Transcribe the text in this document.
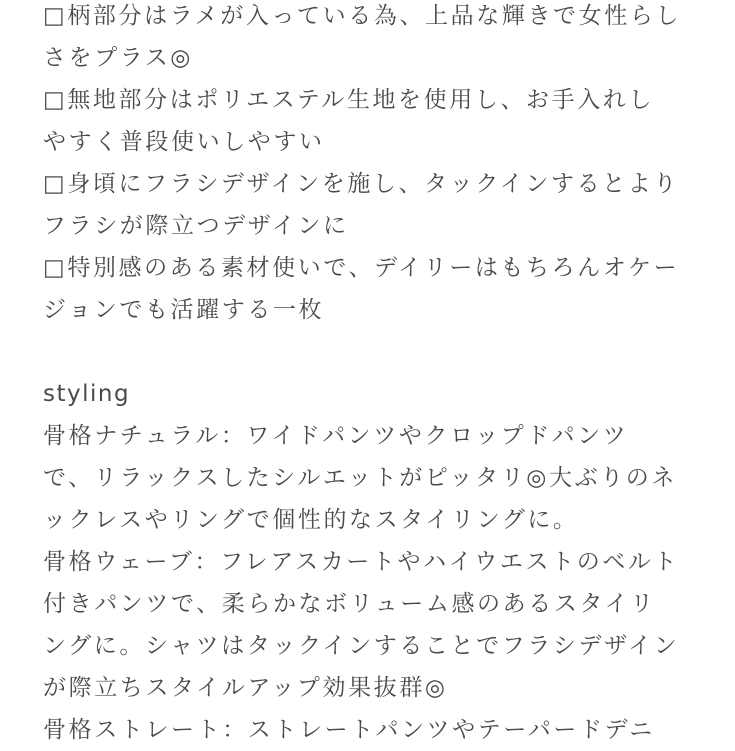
□柄部分はラメが入っている為、上品な輝きで女性らし
さをプラス◎
□無地部分はポリエステル生地を使用し、お手入れし
やすく普段使いしやすい
□身頃にフラシデザインを施し、タックインするとより
フラシが際立つデザインに
□特別感のある素材使いで、デイリーはもちろんオケー
ジョンでも活躍する一枚
styling
骨格ナチュラル：ワイドパンツやクロップドパンツ
で、リラックスしたシルエットがピッタリ◎大ぶりのネ
ックレスやリングで個性的なスタイリングに。
骨格ウェーブ：フレアスカートやハイウエストのベルト
付きパンツで、柔らかなボリューム感のあるスタイリ
ングに。シャツはタックインすることでフラシデザイン
が際立ちスタイルアップ効果抜群◎
骨格ストレート：ストレートパンツやテーパードデニ
